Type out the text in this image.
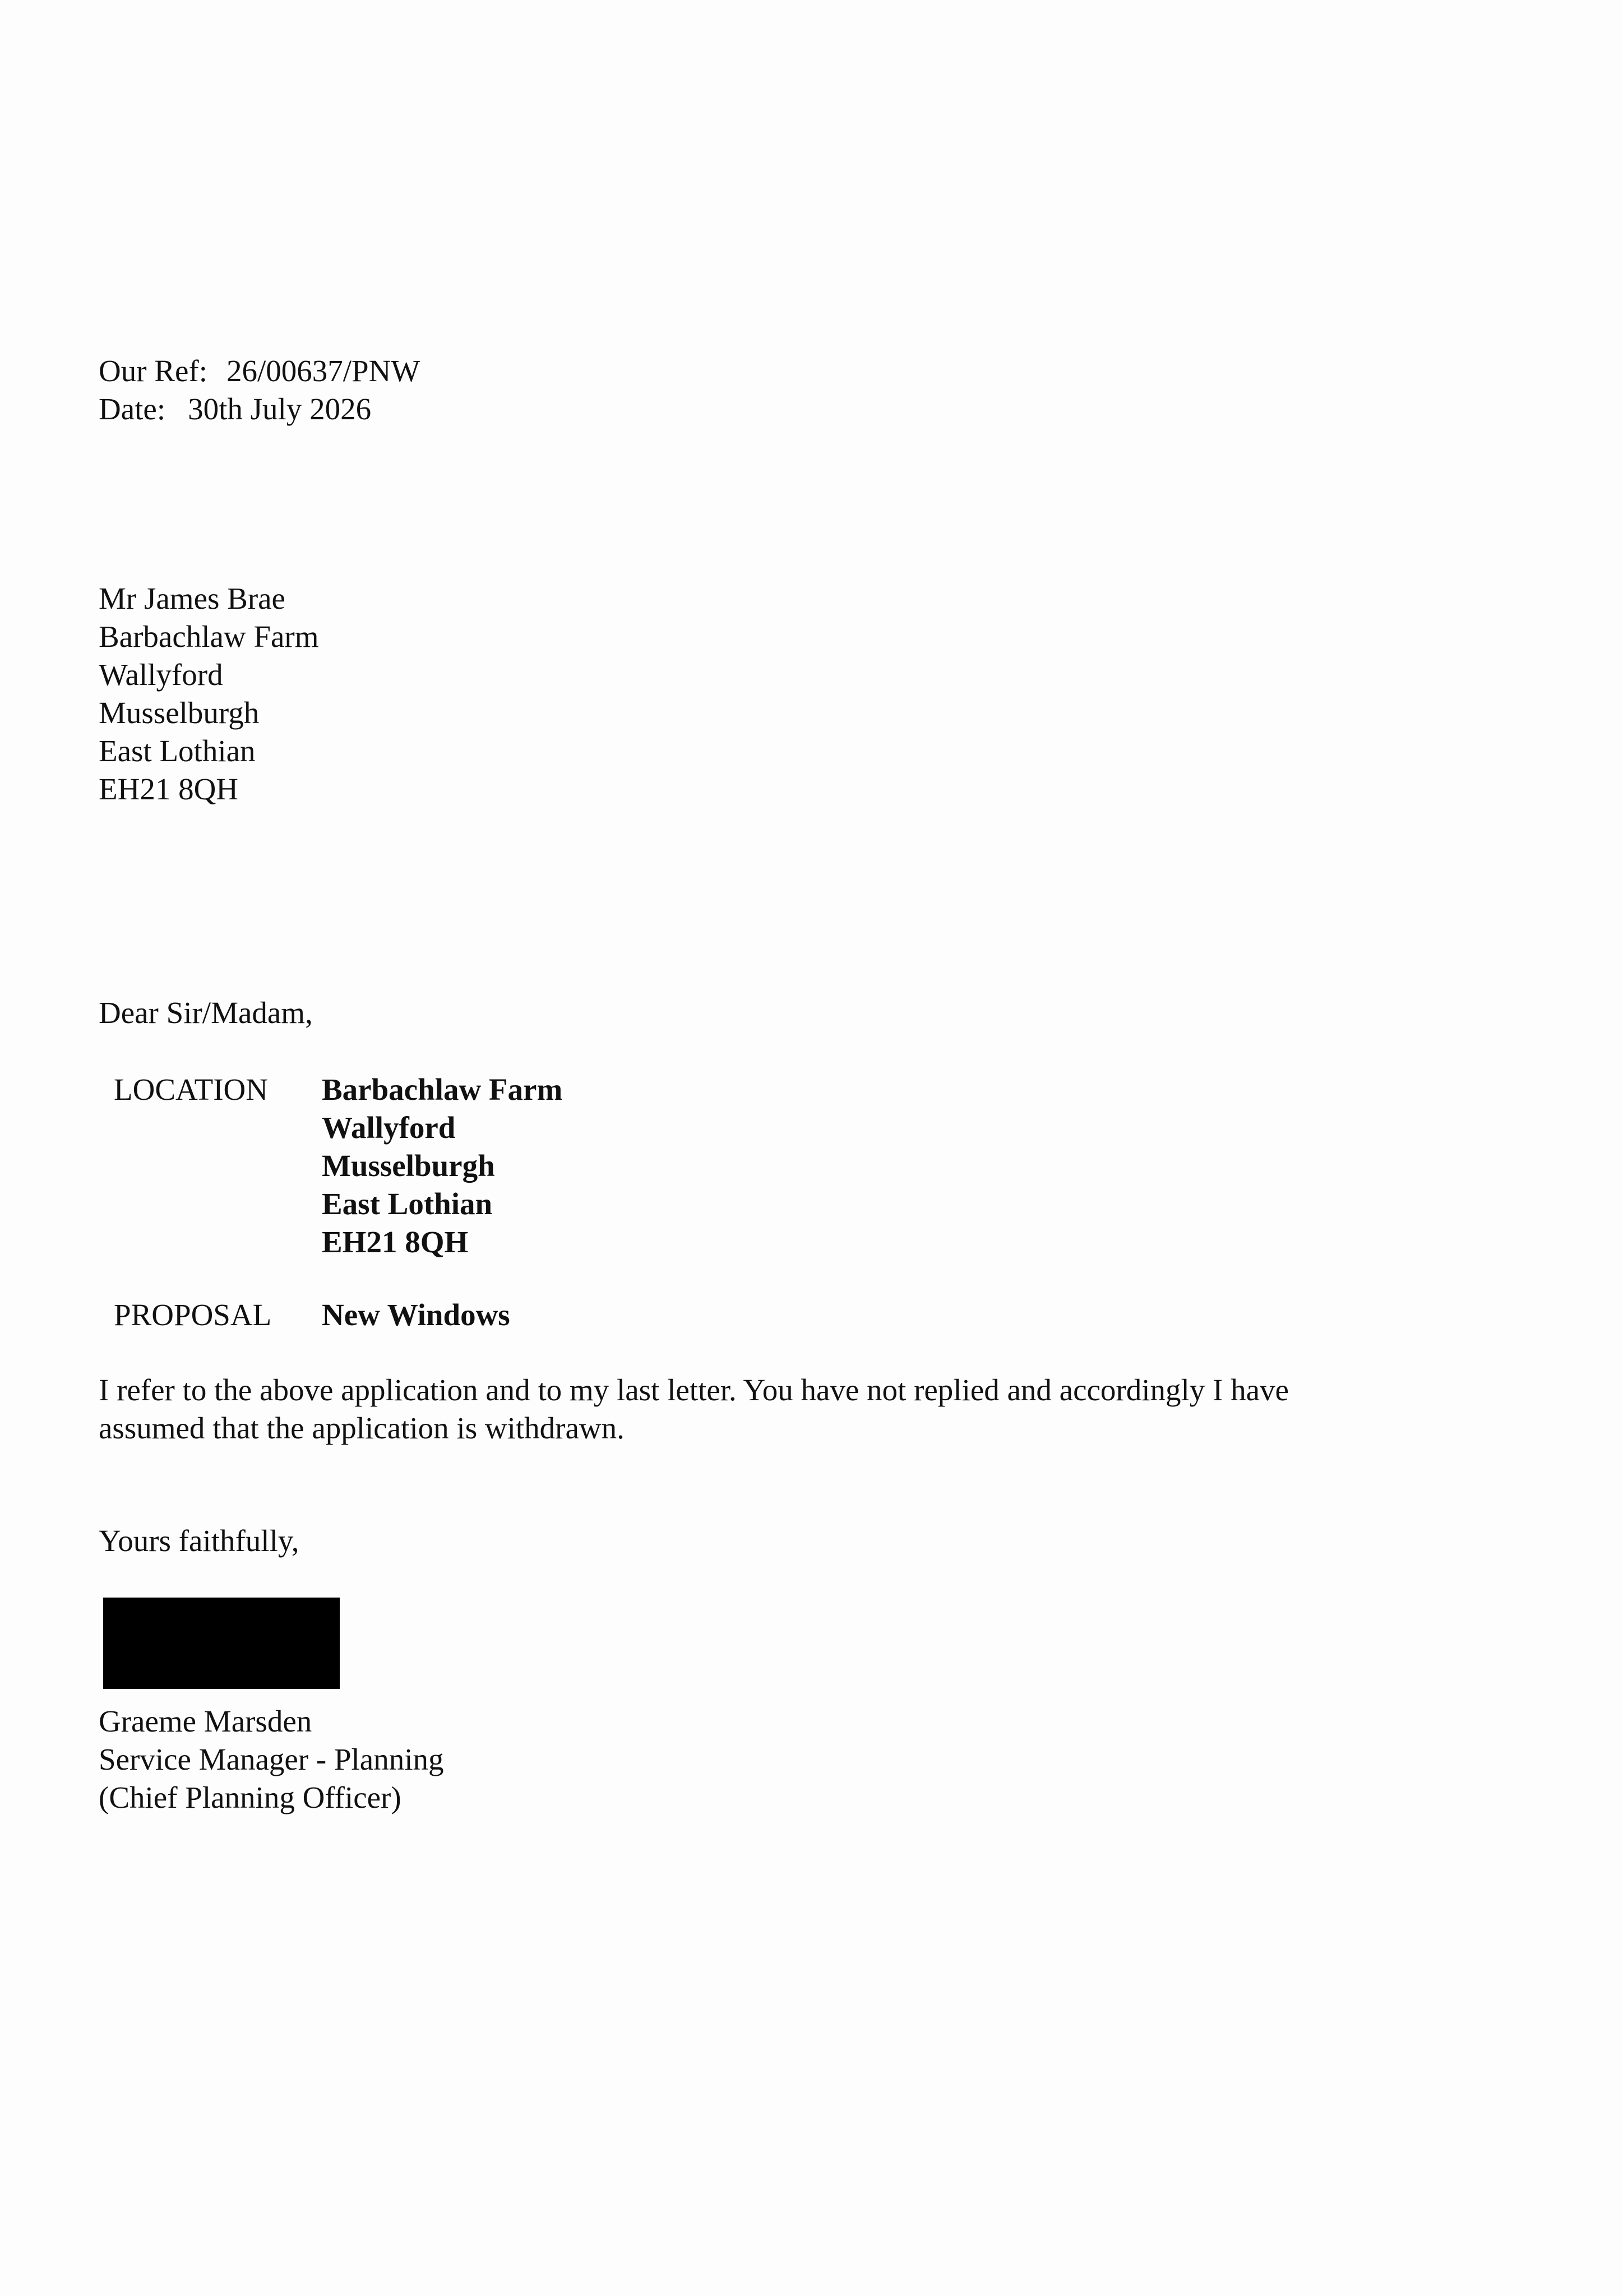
Our Ref: 26/00637/PNW
Date: 30th July 2026
Mr James Brae
Barbachlaw Farm
Wallyford
Musselburgh
East Lothian
EH21 8QH
Dear Sir/Madam,
LOCATION Barbachlaw Farm
Wallyford
Musselburgh
East Lothian
EH21 8QH
PROPOSAL New Windows
I refer to the above application and to my last letter. You have not replied and accordingly I have assumed that the application is withdrawn.
Yours faithfully,
Graeme Marsden
Service Manager - Planning
(Chief Planning Officer)
